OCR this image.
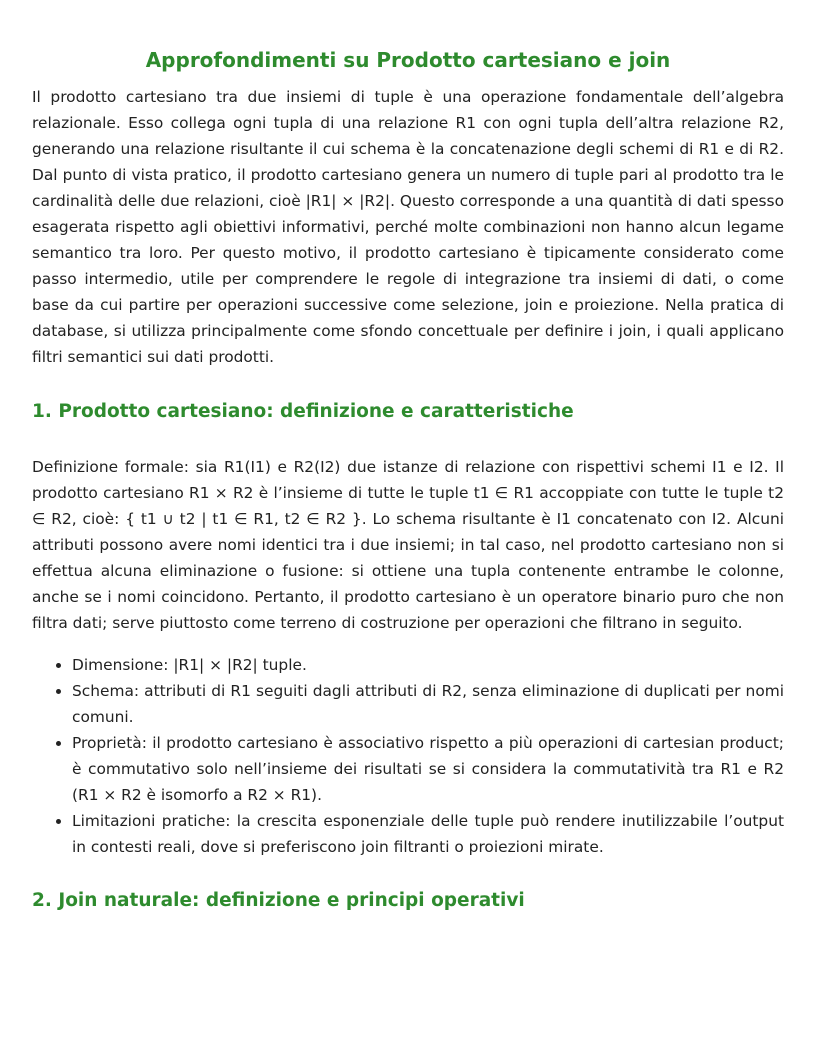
Approfondimenti su Prodotto cartesiano e join

Il prodotto cartesiano tra due insiemi di tuple è una operazione fondamentale dell’algebra relazionale. Esso collega ogni tupla di una relazione R1 con ogni tupla dell’altra relazione R2, generando una relazione risultante il cui schema è la concatenazione degli schemi di R1 e di R2. Dal punto di vista pratico, il prodotto cartesiano genera un numero di tuple pari al prodotto tra le cardinalità delle due relazioni, cioè |R1| × |R2|. Questo corresponde a una quantità di dati spesso esagerata rispetto agli obiettivi informativi, perché molte combinazioni non hanno alcun legame semantico tra loro. Per questo motivo, il prodotto cartesiano è tipicamente considerato come passo intermedio, utile per comprendere le regole di integrazione tra insiemi di dati, o come base da cui partire per operazioni successive come selezione, join e proiezione. Nella pratica di database, si utilizza principalmente come sfondo concettuale per definire i join, i quali applicano filtri semantici sui dati prodotti.

1. Prodotto cartesiano: definizione e caratteristiche

Definizione formale: sia R1(I1) e R2(I2) due istanze di relazione con rispettivi schemi I1 e I2. Il prodotto cartesiano R1 × R2 è l’insieme di tutte le tuple t1 ∈ R1 accoppiate con tutte le tuple t2 ∈ R2, cioè: { t1 ∪ t2 | t1 ∈ R1, t2 ∈ R2 }. Lo schema risultante è I1 concatenato con I2. Alcuni attributi possono avere nomi identici tra i due insiemi; in tal caso, nel prodotto cartesiano non si effettua alcuna eliminazione o fusione: si ottiene una tupla contenente entrambe le colonne, anche se i nomi coincidono. Pertanto, il prodotto cartesiano è un operatore binario puro che non filtra dati; serve piuttosto come terreno di costruzione per operazioni che filtrano in seguito.

• Dimensione: |R1| × |R2| tuple.
• Schema: attributi di R1 seguiti dagli attributi di R2, senza eliminazione di duplicati per nomi comuni.
• Proprietà: il prodotto cartesiano è associativo rispetto a più operazioni di cartesian product; è commutativo solo nell’insieme dei risultati se si considera la commutatività tra R1 e R2 (R1 × R2 è isomorfo a R2 × R1).
• Limitazioni pratiche: la crescita esponenziale delle tuple può rendere inutilizzabile l’output in contesti reali, dove si preferiscono join filtranti o proiezioni mirate.
2. Join naturale: definizione e principi operativi
